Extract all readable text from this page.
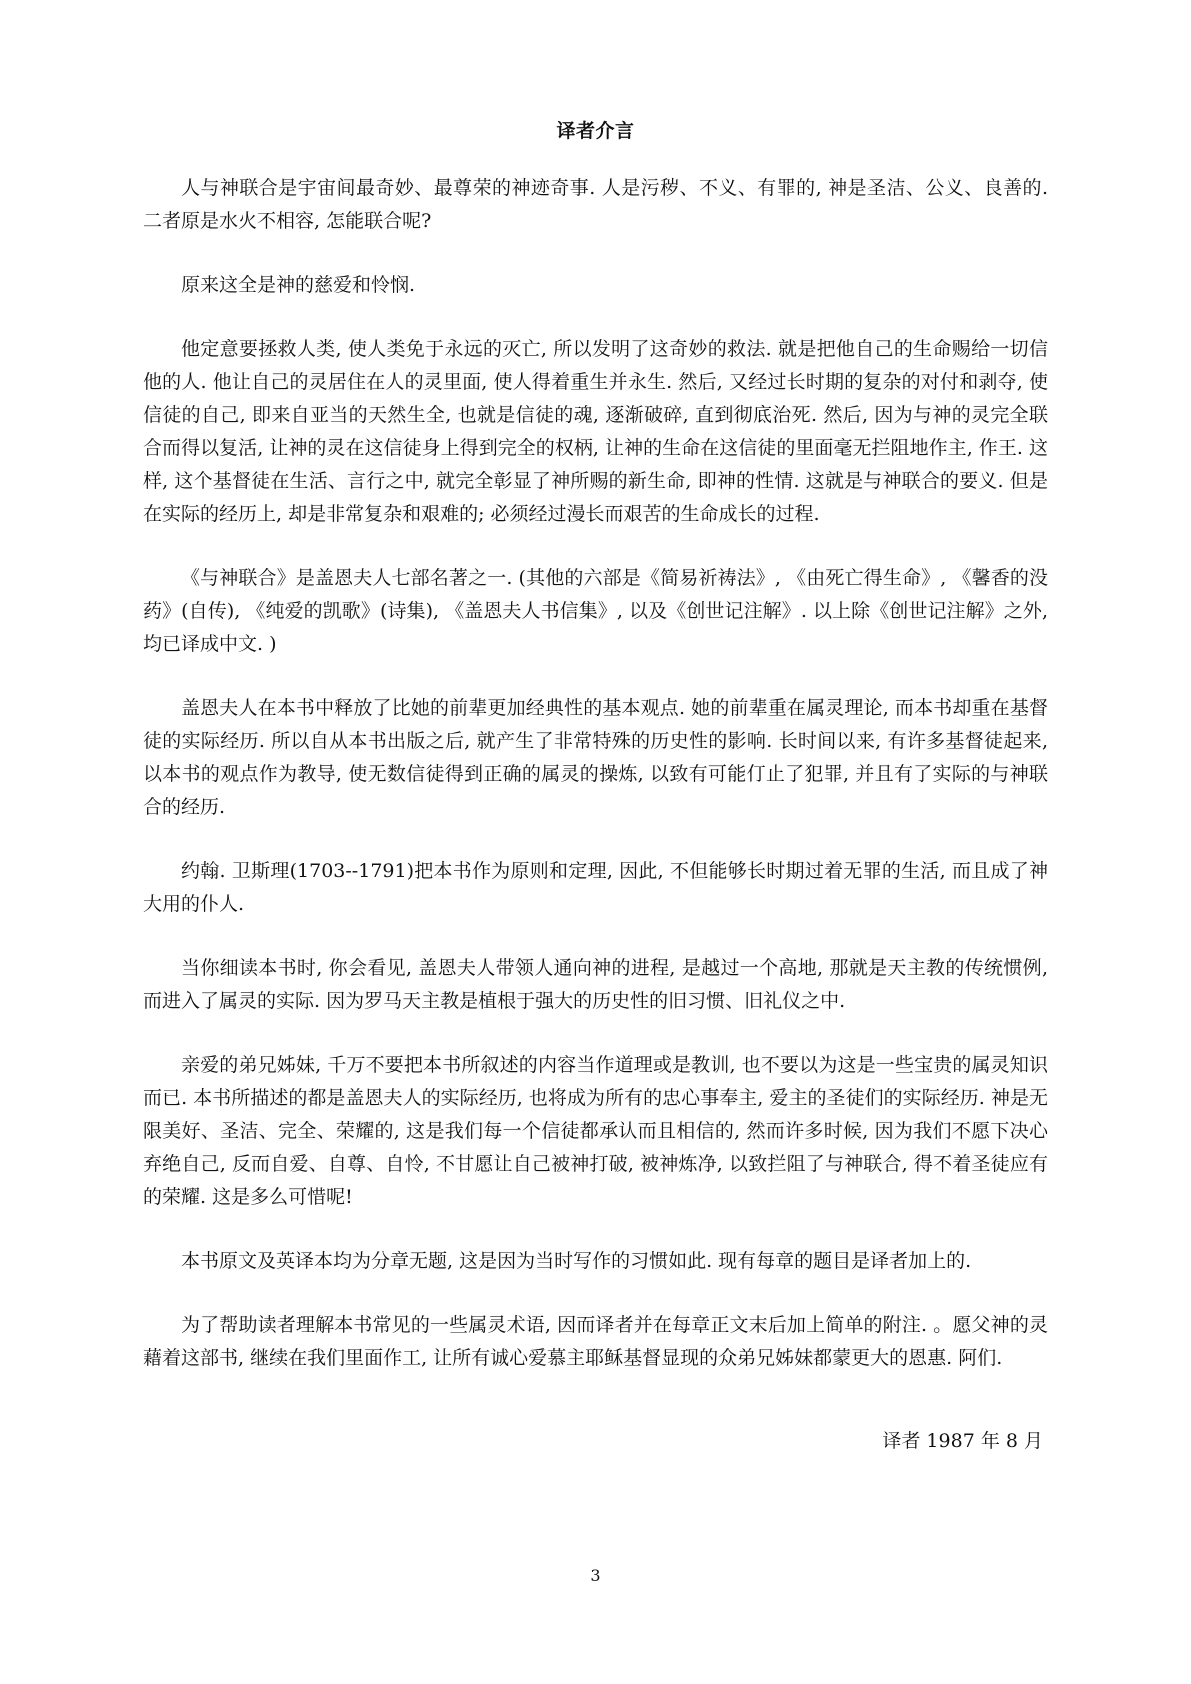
译者介言

人与神联合是宇宙间最奇妙、最尊荣的神迹奇事. 人是污秽、不义、有罪的, 神是圣洁、公义、良善的. 二者原是水火不相容, 怎能联合呢?

原来这全是神的慈爱和怜悯.

他定意要拯救人类, 使人类免于永远的灭亡, 所以发明了这奇妙的救法. 就是把他自己的生命赐给一切信他的人. 他让自己的灵居住在人的灵里面, 使人得着重生并永生. 然后, 又经过长时期的复杂的对付和剥夺, 使信徒的自己, 即来自亚当的天然生全, 也就是信徒的魂, 逐渐破碎, 直到彻底治死. 然后, 因为与神的灵完全联合而得以复活, 让神的灵在这信徒身上得到完全的权柄, 让神的生命在这信徒的里面毫无拦阻地作主, 作王. 这样, 这个基督徒在生活、言行之中, 就完全彰显了神所赐的新生命, 即神的性情. 这就是与神联合的要义. 但是在实际的经历上, 却是非常复杂和艰难的; 必须经过漫长而艰苦的生命成长的过程.

《与神联合》是盖恩夫人七部名著之一. (其他的六部是《简易祈祷法》, 《由死亡得生命》, 《馨香的没药》(自传), 《纯爱的凯歌》(诗集), 《盖恩夫人书信集》, 以及《创世记注解》. 以上除《创世记注解》之外, 均已译成中文. )

盖恩夫人在本书中释放了比她的前辈更加经典性的基本观点. 她的前辈重在属灵理论, 而本书却重在基督徒的实际经历. 所以自从本书出版之后, 就产生了非常特殊的历史性的影响. 长时间以来, 有许多基督徒起来, 以本书的观点作为教导, 使无数信徒得到正确的属灵的操炼, 以致有可能仃止了犯罪, 并且有了实际的与神联合的经历.

约翰. 卫斯理(1703--1791)把本书作为原则和定理, 因此, 不但能够长时期过着无罪的生活, 而且成了神大用的仆人.

当你细读本书时, 你会看见, 盖恩夫人带领人通向神的进程, 是越过一个高地, 那就是天主教的传统惯例, 而进入了属灵的实际. 因为罗马天主教是植根于强大的历史性的旧习惯、旧礼仪之中.

亲爱的弟兄姊妹, 千万不要把本书所叙述的内容当作道理或是教训, 也不要以为这是一些宝贵的属灵知识而已. 本书所描述的都是盖恩夫人的实际经历, 也将成为所有的忠心事奉主, 爱主的圣徒们的实际经历. 神是无限美好、圣洁、完全、荣耀的, 这是我们每一个信徒都承认而且相信的, 然而许多时候, 因为我们不愿下决心弃绝自己, 反而自爱、自尊、自怜, 不甘愿让自己被神打破, 被神炼净, 以致拦阻了与神联合, 得不着圣徒应有的荣耀. 这是多么可惜呢!

本书原文及英译本均为分章无题, 这是因为当时写作的习惯如此. 现有每章的题目是译者加上的.

为了帮助读者理解本书常见的一些属灵术语, 因而译者并在每章正文末后加上简单的附注. 。愿父神的灵藉着这部书, 继续在我们里面作工, 让所有诚心爱慕主耶稣基督显现的众弟兄姊妹都蒙更大的恩惠. 阿们.

译者 1987 年 8 月
3
